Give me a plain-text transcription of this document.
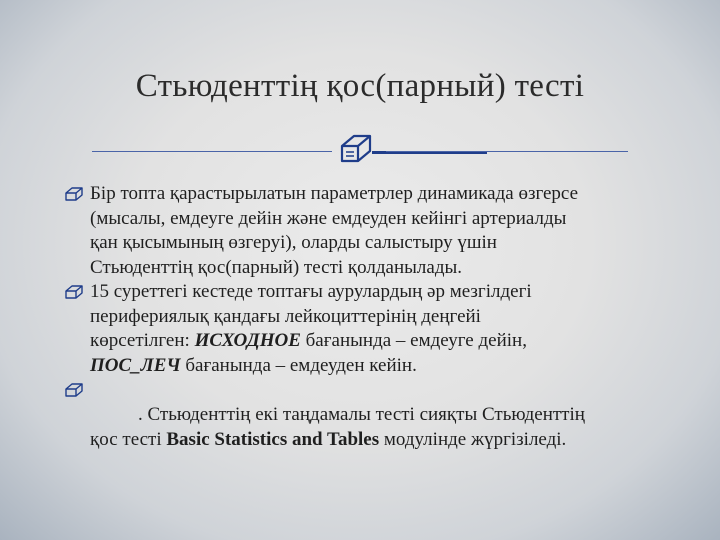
Стьюденттің қос(парный) тесті
Бір топта қарастырылатын параметрлер динамикада өзгерсе
(мысалы, емдеуге дейін және емдеуден кейінгі артериалды
қан қысымының өзгеруі), оларды салыстыру үшін
Стьюденттің қос(парный) тесті қолданылады.
15 суреттегі кестеде топтағы аурулардың әр мезгілдегі
перифериялық қандағы лейкоциттерінің деңгейі
көрсетілген: ИСХОДНОЕ бағанында – емдеуге дейін,
ПОС_ЛЕЧ бағанында – емдеуден кейін.
. Стьюденттің екі таңдамалы тесті сияқты Стьюденттің
қос тесті Basic Statistics and Tables модулінде жүргізіледі.
